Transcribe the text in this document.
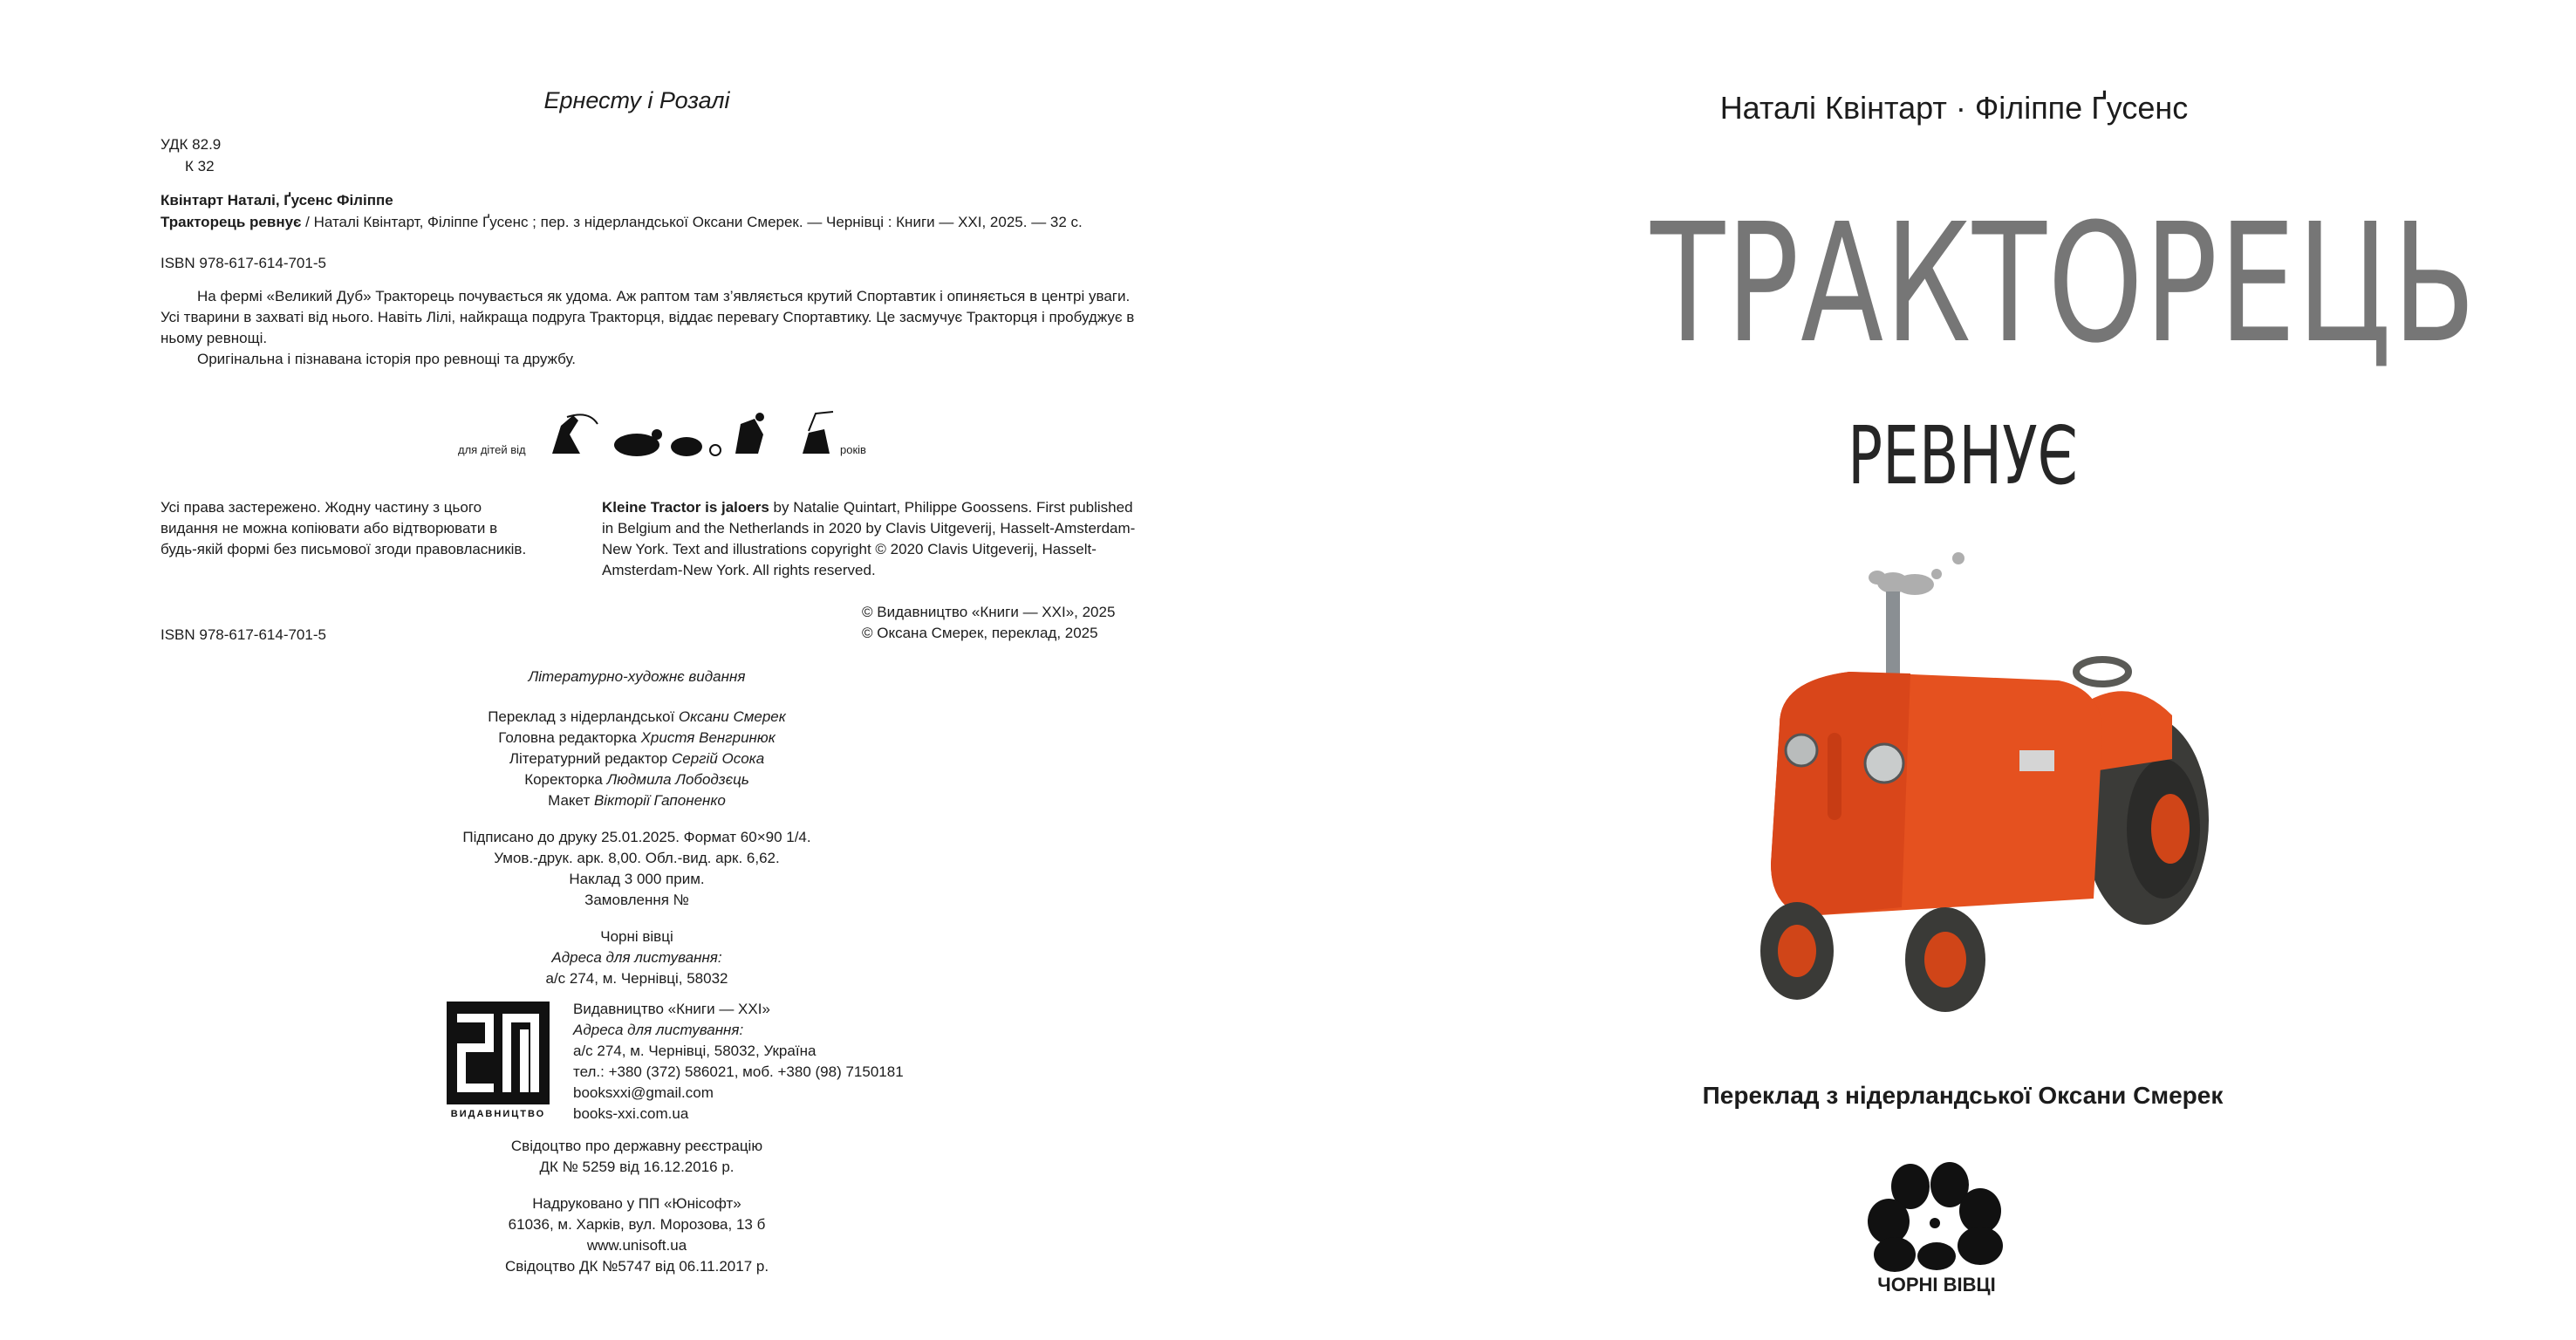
Ернесту і Розалі
УДК 82.9
К 32
Квінтарт Наталі, Ґусенс Філіппе
Тракторець ревнує / Наталі Квінтарт, Філіппе Ґусенс ; пер. з нідерландської Оксани Смерек. — Чернівці : Книги — XXI, 2025. — 32 с.
ISBN 978-617-614-701-5

На фермі «Великий Дуб» Тракторець почувається як удома. Аж раптом там з’являється крутий Спортавтик і опиняється в центрі уваги. Усі тварини в захваті від нього. Навіть Лілі, найкраща подруга Тракторця, віддає перевагу Спортавтику. Це засмучує Тракторця і пробуджує в ньому ревнощі.

Оригінальна і пізнавана історія про ревнощі та дружбу.

для дітей від	років
Усі права застережено. Жодну частину з цього видання не можна копіювати або відтворювати в будь-якій формі без письмової згоди правовласників.
Kleine Tractor is jaloers by Natalie Quintart, Philippe Goossens. First published in Belgium and the Netherlands in 2020 by Clavis Uitgeverij, Hasselt-Amsterdam-New York. Text and illustrations copyright © 2020 Clavis Uitgeverij, Hasselt-Amsterdam-New York. All rights reserved.
© Видавництво «Книги — XXI», 2025
© Оксана Смерек, переклад, 2025
ISBN 978-617-614-701-5
Літературно-художнє видання
Переклад з нідерландської Оксани Смерек
Головна редакторка Христя Венгринюк
Літературний редактор Сергій Осока
Коректорка Людмила Лободзєць
Макет Вікторії Гапоненко
Підписано до друку 25.01.2025. Формат 60×90 1/4.
Умов.-друк. арк. 8,00. Обл.-вид. арк. 6,62.
Наклад 3 000 прим.
Замовлення №
Чорні вівці
Адреса для листування:
а/с 274, м. Чернівці, 58032
ВИДАВНИЦТВО
Видавництво «Книги — XXI»
Адреса для листування:
а/с 274, м. Чернівці, 58032, Україна
тел.: +380 (372) 586021, моб. +380 (98) 7150181
booksxxi@gmail.com
books-xxi.com.ua
Свідоцтво про державну реєстрацію
ДК № 5259 від 16.12.2016 р.
Надруковано у ПП «Юнісофт»
61036, м. Харків, вул. Морозова, 13 б
www.unisoft.ua
Свідоцтво ДК №5747 від 06.11.2017 р.
Наталі Квінтарт · Філіппе Ґусенс
ТРАКТОРЕЦЬ
РЕВНУЄ
Переклад з нідерландської Оксани Смерек
ЧОРНІ ВІВЦІ
